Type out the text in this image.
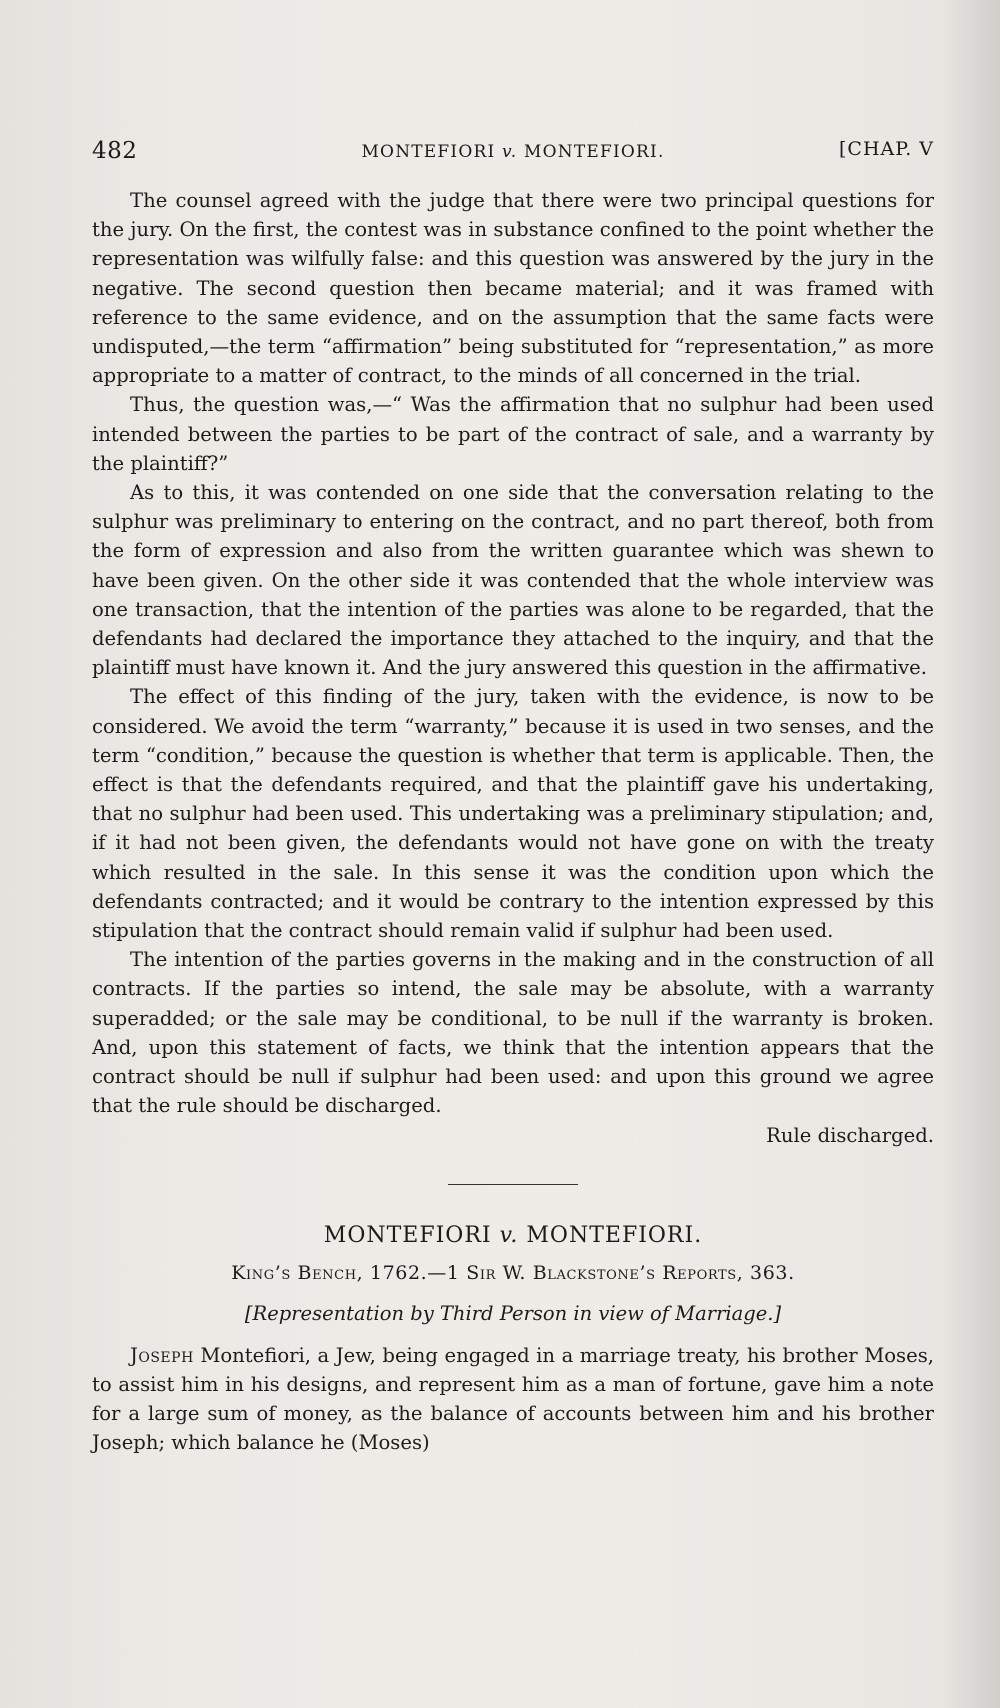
482	MONTEFIORI v. MONTEFIORI.	[CHAP. V

The counsel agreed with the judge that there were two principal questions for the jury. On the first, the contest was in substance confined to the point whether the representation was wilfully false: and this question was answered by the jury in the negative. The second question then became material; and it was framed with reference to the same evidence, and on the assumption that the same facts were undisputed,—the term “affirmation” being substituted for “representation,” as more appropriate to a matter of contract, to the minds of all concerned in the trial.

Thus, the question was,—“ Was the affirmation that no sulphur had been used intended between the parties to be part of the contract of sale, and a warranty by the plaintiff?”

As to this, it was contended on one side that the conversation relating to the sulphur was preliminary to entering on the contract, and no part thereof, both from the form of expression and also from the written guarantee which was shewn to have been given. On the other side it was contended that the whole interview was one transaction, that the intention of the parties was alone to be regarded, that the defendants had declared the importance they attached to the inquiry, and that the plaintiff must have known it. And the jury answered this question in the affirmative.

The effect of this finding of the jury, taken with the evidence, is now to be considered. We avoid the term “warranty,” because it is used in two senses, and the term “condition,” because the question is whether that term is applicable. Then, the effect is that the defendants required, and that the plaintiff gave his undertaking, that no sulphur had been used. This undertaking was a preliminary stipulation; and, if it had not been given, the defendants would not have gone on with the treaty which resulted in the sale. In this sense it was the condition upon which the defendants contracted; and it would be contrary to the intention expressed by this stipulation that the contract should remain valid if sulphur had been used.

The intention of the parties governs in the making and in the construction of all contracts. If the parties so intend, the sale may be absolute, with a warranty superadded; or the sale may be conditional, to be null if the warranty is broken. And, upon this statement of facts, we think that the intention appears that the contract should be null if sulphur had been used: and upon this ground we agree that the rule should be discharged.

Rule discharged.

MONTEFIORI v. MONTEFIORI.
King’s Bench, 1762.—1 Sir W. Blackstone’s Reports, 363.
[Representation by Third Person in view of Marriage.]

Joseph Montefiori, a Jew, being engaged in a marriage treaty, his brother Moses, to assist him in his designs, and represent him as a man of fortune, gave him a note for a large sum of money, as the balance of accounts between him and his brother Joseph; which balance he (Moses)
